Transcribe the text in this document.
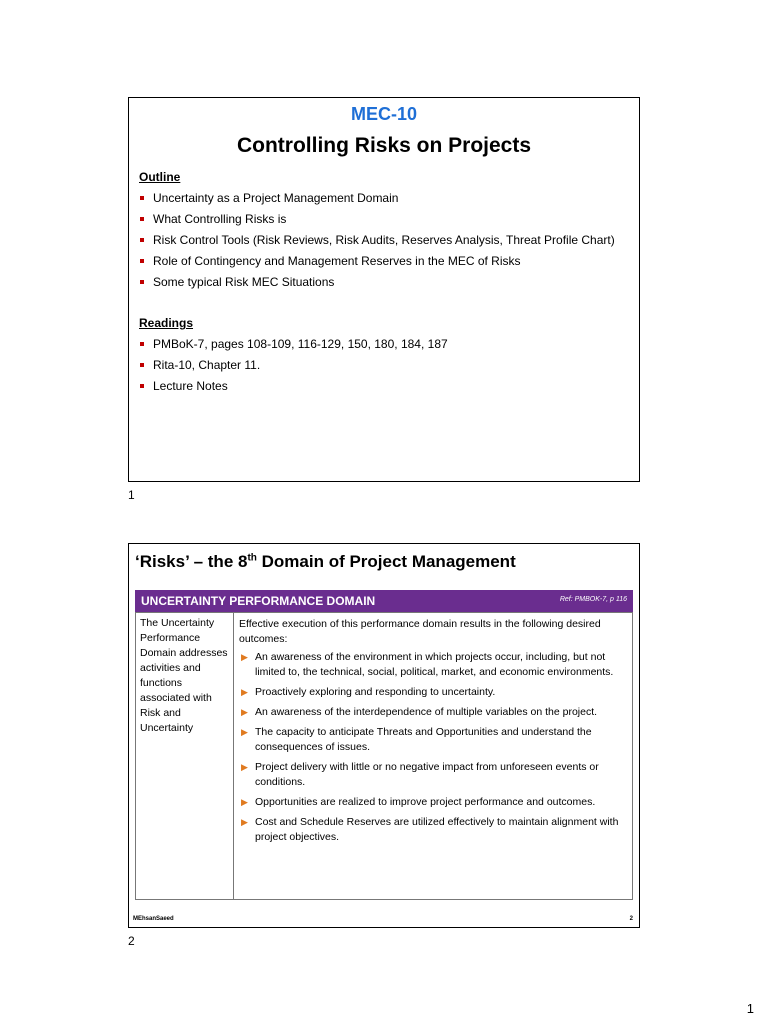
MEC-10
Controlling Risks on Projects
Outline
Uncertainty as a Project Management Domain
What Controlling Risks is
Risk Control Tools (Risk Reviews, Risk Audits, Reserves Analysis, Threat Profile Chart)
Role of Contingency and Management Reserves in the MEC of Risks
Some typical Risk MEC Situations
Readings
PMBoK-7, pages 108-109, 116-129, 150, 180, 184, 187
Rita-10, Chapter 11.
Lecture Notes
1
‘Risks’ – the 8th Domain of Project Management
UNCERTAINTY PERFORMANCE DOMAIN	Ref: PMBOK-7, p 116
The Uncertainty Performance Domain addresses activities and functions associated with Risk and Uncertainty
Effective execution of this performance domain results in the following desired outcomes:
▶ An awareness of the environment in which projects occur, including, but not limited to, the technical, social, political, market, and economic environments.
▶ Proactively exploring and responding to uncertainty.
▶ An awareness of the interdependence of multiple variables on the project.
▶ The capacity to anticipate Threats and Opportunities and understand the consequences of issues.
▶ Project delivery with little or no negative impact from unforeseen events or conditions.
▶ Opportunities are realized to improve project performance and outcomes.
▶ Cost and Schedule Reserves are utilized effectively to maintain alignment with project objectives.
MEhsanSaeed	2
2
1
